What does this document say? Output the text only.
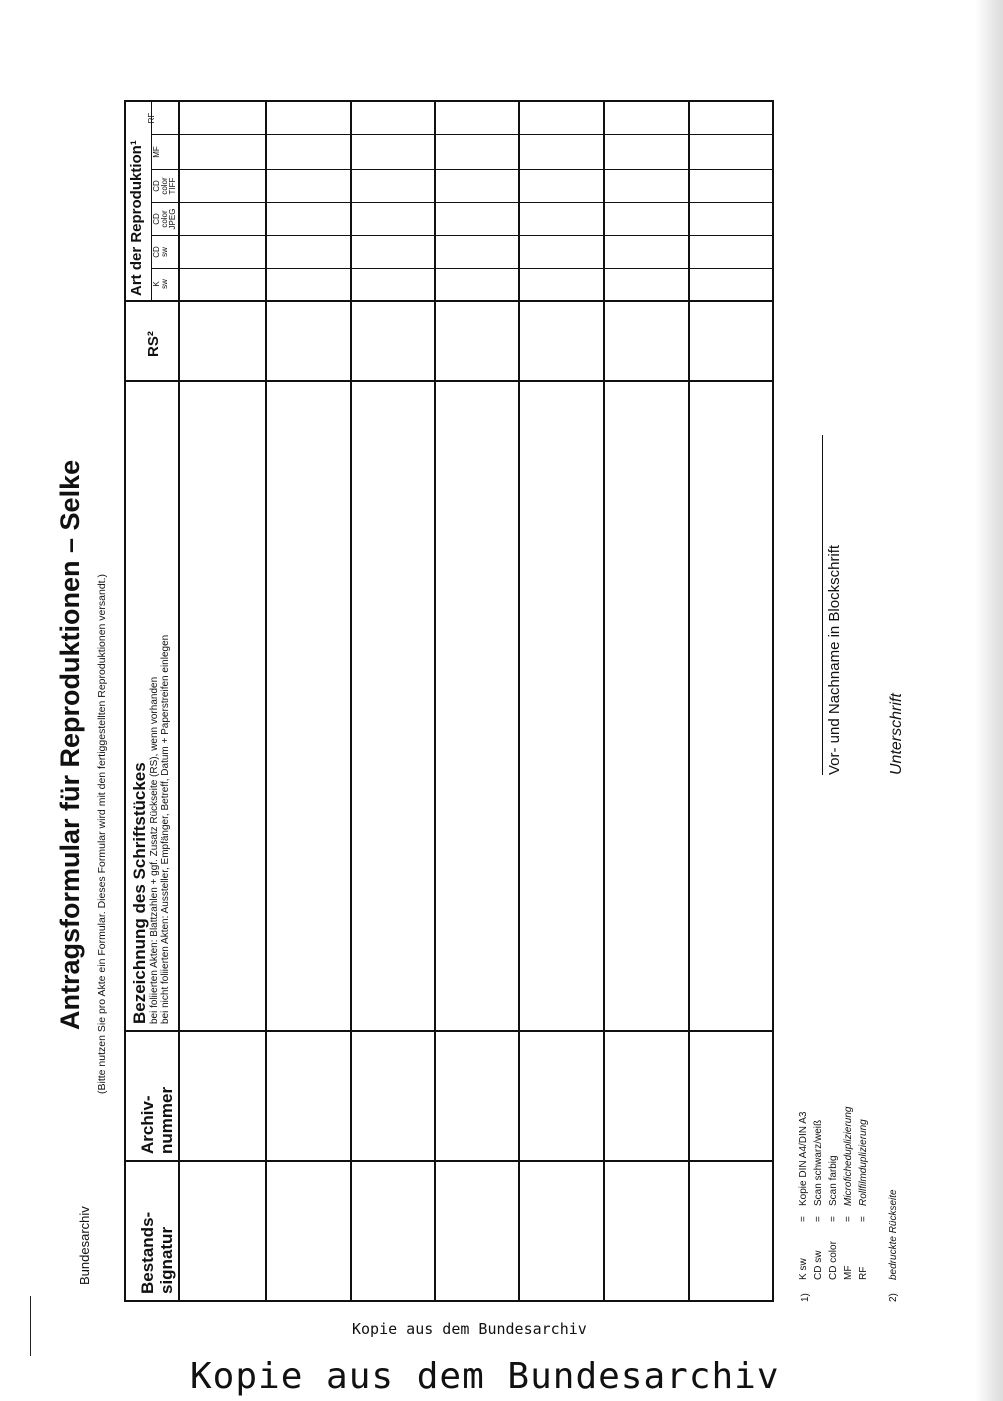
Bundesarchiv
Antragsformular für Reproduktionen – Selke (Bitte nutzen Sie pro Akte ein Formular. Dieses Formular wird mit den fertiggestellten Reproduktionen versandt.)
Bestands- signatur
Archiv- nummer
Bezeichnung des Schriftstückes bei foliierten Akten: Blattzahlen + ggf. Zusatz Rückseite (RS), wenn vorhanden bei nicht foliierten Akten: Aussteller, Empfänger, Betreff, Datum + Paperstreifen einlegen
RS²
Art der Reproduktion¹ K sw
CD sw
CD color JPEG
CD color TIFF
MF
RF
1)
K sw
=
Kopie DIN A4/DIN A3
CD sw
=
Scan schwarz/weiß
CD color
=
Scan farbig
MF
=
Microficheduplizierung
RF
=
Rollfilmduplizierung
2)
bedruckte Rückseite
Vor- und Nachname in Blockschrift	Unterschrift
Kopie aus dem Bundesarchiv
Kopie aus dem Bundesarchiv
